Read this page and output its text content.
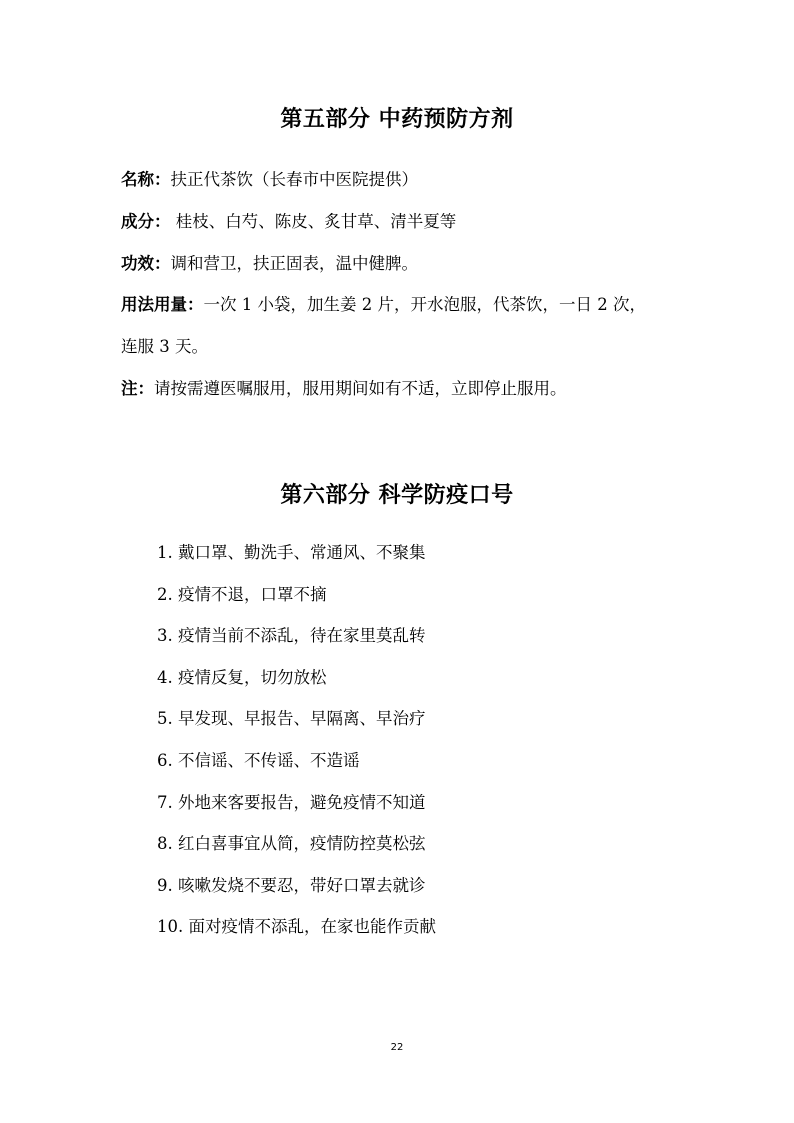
第五部分 中药预防方剂
名称：扶正代茶饮（长春市中医院提供）
成分： 桂枝、白芍、陈皮、炙甘草、清半夏等
功效：调和营卫，扶正固表，温中健脾。
用法用量：一次 1 小袋，加生姜 2 片，开水泡服，代茶饮，一日 2 次，
连服 3 天。
注：请按需遵医嘱服用，服用期间如有不适，立即停止服用。
第六部分 科学防疫口号
1. 戴口罩、勤洗手、常通风、不聚集
2. 疫情不退，口罩不摘
3. 疫情当前不添乱，待在家里莫乱转
4. 疫情反复，切勿放松
5. 早发现、早报告、早隔离、早治疗
6. 不信谣、不传谣、不造谣
7. 外地来客要报告，避免疫情不知道
8. 红白喜事宜从简，疫情防控莫松弦
9. 咳嗽发烧不要忍，带好口罩去就诊
10. 面对疫情不添乱，在家也能作贡献
22
